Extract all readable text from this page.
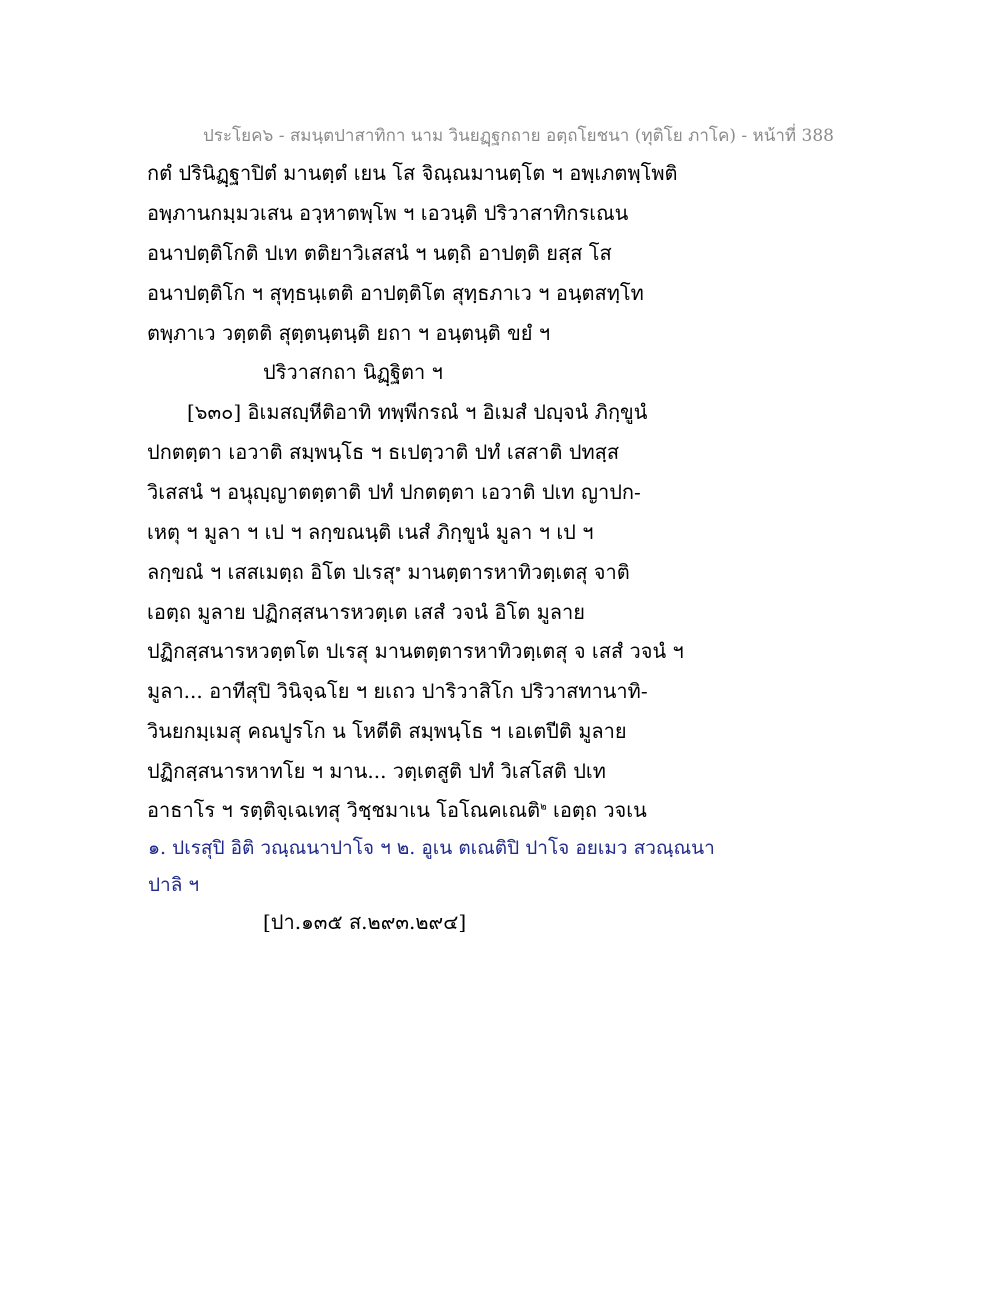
ประโยค๖ - สมนฺตปาสาทิกา นาม วินยฏฺฐกถาย อตฺถโยชนา (ทุติโย ภาโค) - หน้าที่ 388
กตํ ปรินิฏฺฐาปิตํ มานตฺตํ เยน โส จิณฺณมานตฺโต ฯ อพฺเภตพฺโพติ
อพฺภานกมฺมวเสน อวฺหาตพฺโพ ฯ เอวนฺติ ปริวาสาทิกรเณน
อนาปตฺติโกติ ปเท ตติยาวิเสสนํ ฯ นตฺถิ อาปตฺติ ยสฺส โส
อนาปตฺติโก ฯ สุทฺธนฺเตติ อาปตฺติโต สุทฺธภาเว ฯ อนฺตสทฺโท
ตพฺภาเว วตฺตติ สุตฺตนฺตนฺติ ยถา ฯ อนฺตนฺติ ขยํ ฯ
ปริวาสกถา นิฏฺฐิตา ฯ
[๖๓๐] อิเมสญฺหีติอาทิ ทพฺพีกรณํ ฯ อิเมสํ ปญฺจนํ ภิกฺขูนํ
ปกตตฺตา เอวาติ สมฺพนฺโธ ฯ ธเปตฺวาติ ปทํ เสสาติ ปทสฺส
วิเสสนํ ฯ อนุญฺญาตตฺตาติ ปทํ ปกตตฺตา เอวาติ ปเท ญาปก-
เหตุ ฯ มูลา ฯ เป ฯ ลกฺขณนฺติ เนสํ ภิกฺขูนํ มูลา ฯ เป ฯ
ลกฺขณํ ฯ เสสเมตฺถ อิโต ปเรสุ$^๑$ มานตฺตารหาทิวตฺเตสุ จาติ
เอตฺถ มูลาย ปฏิกสฺสนารหวตฺเต เสสํ วจนํ อิโต มูลาย
ปฏิกสฺสนารหวตฺตโต ปเรสุ มานตตฺตารหาทิวตฺเตสุ จ เสสํ วจนํ ฯ
มูลา... อาทีสุปิ วินิจฺฉโย ฯ ยเถว ปาริวาสิโก ปริวาสทานาทิ-
วินยกมฺเมสุ คณปูรโก น โหตีติ สมฺพนฺโธ ฯ เอเตปีติ มูลาย
ปฏิกสฺสนารหาทโย ฯ มาน... วตฺเตสูติ ปทํ วิเสโสติ ปเท
อาธาโร ฯ รตฺติจฺเฉเทสุ วิชฺชมาเน โอโณคเณติ$^๒$ เอตฺถ วจเน
๑. ปเรสุปิ อิติ วณฺณนาปาโจ ฯ ๒. อูเน ตเณติปิ ปาโจ อยเมว สวณฺณนา
ปาลิ ฯ
[ปา.๑๓๕ ส.๒๙๓.๒๙๔]
